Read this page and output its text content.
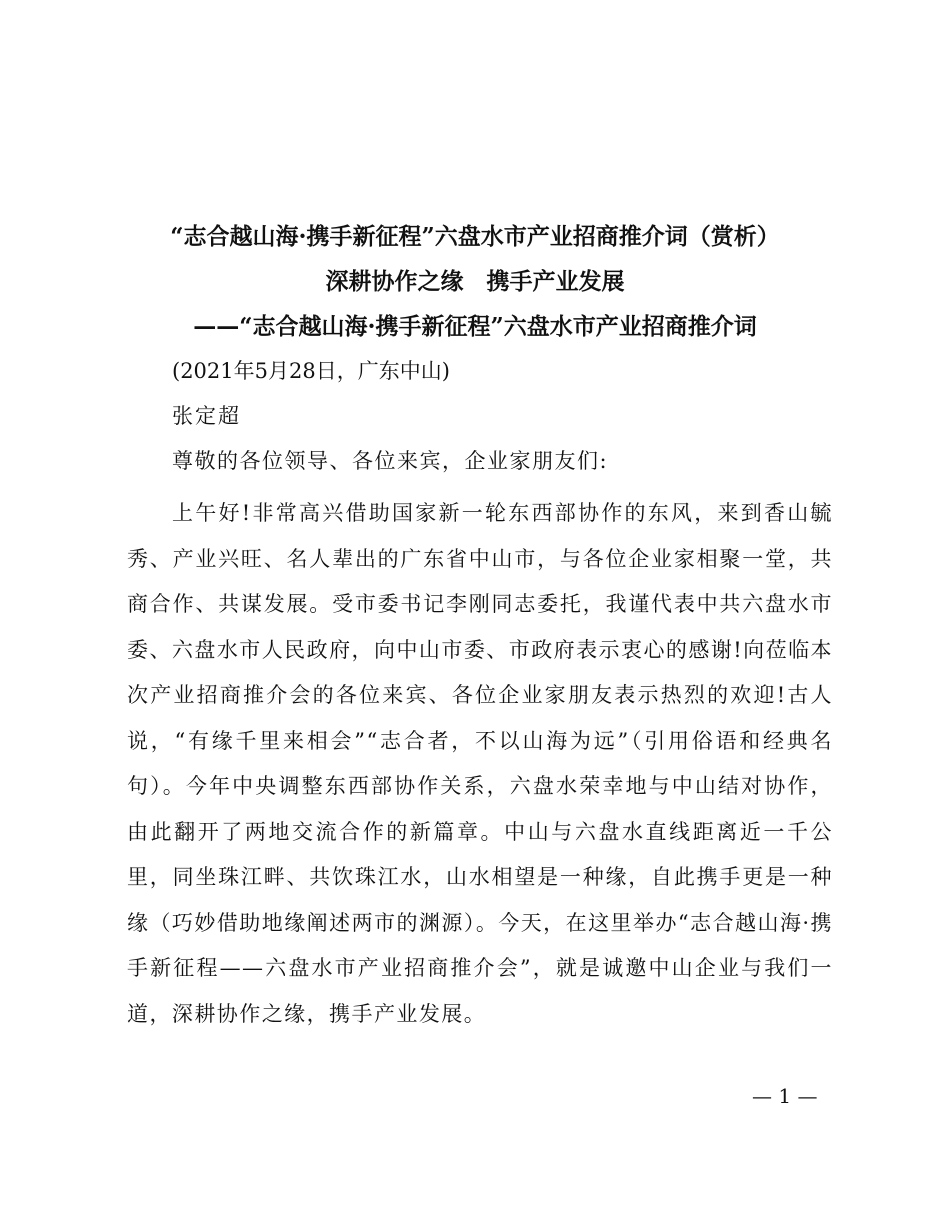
“志合越山海·携手新征程”六盘水市产业招商推介词（赏析）
深耕协作之缘　携手产业发展
——“志合越山海·携手新征程”六盘水市产业招商推介词
(2021年5月28日，广东中山)
张定超
尊敬的各位领导、各位来宾，企业家朋友们:
上午好!非常高兴借助国家新一轮东西部协作的东风，来到香山毓秀、产业兴旺、名人辈出的广东省中山市，与各位企业家相聚一堂，共商合作、共谋发展。受市委书记李刚同志委托，我谨代表中共六盘水市委、六盘水市人民政府，向中山市委、市政府表示衷心的感谢!向莅临本次产业招商推介会的各位来宾、各位企业家朋友表示热烈的欢迎!古人说，“有缘千里来相会”“志合者，不以山海为远”（引用俗语和经典名句）。今年中央调整东西部协作关系，六盘水荣幸地与中山结对协作，由此翻开了两地交流合作的新篇章。中山与六盘水直线距离近一千公里，同坐珠江畔、共饮珠江水，山水相望是一种缘，自此携手更是一种缘（巧妙借助地缘阐述两市的渊源）。今天，在这里举办“志合越山海·携手新征程——六盘水市产业招商推介会”，就是诚邀中山企业与我们一道，深耕协作之缘，携手产业发展。
— 1 —
